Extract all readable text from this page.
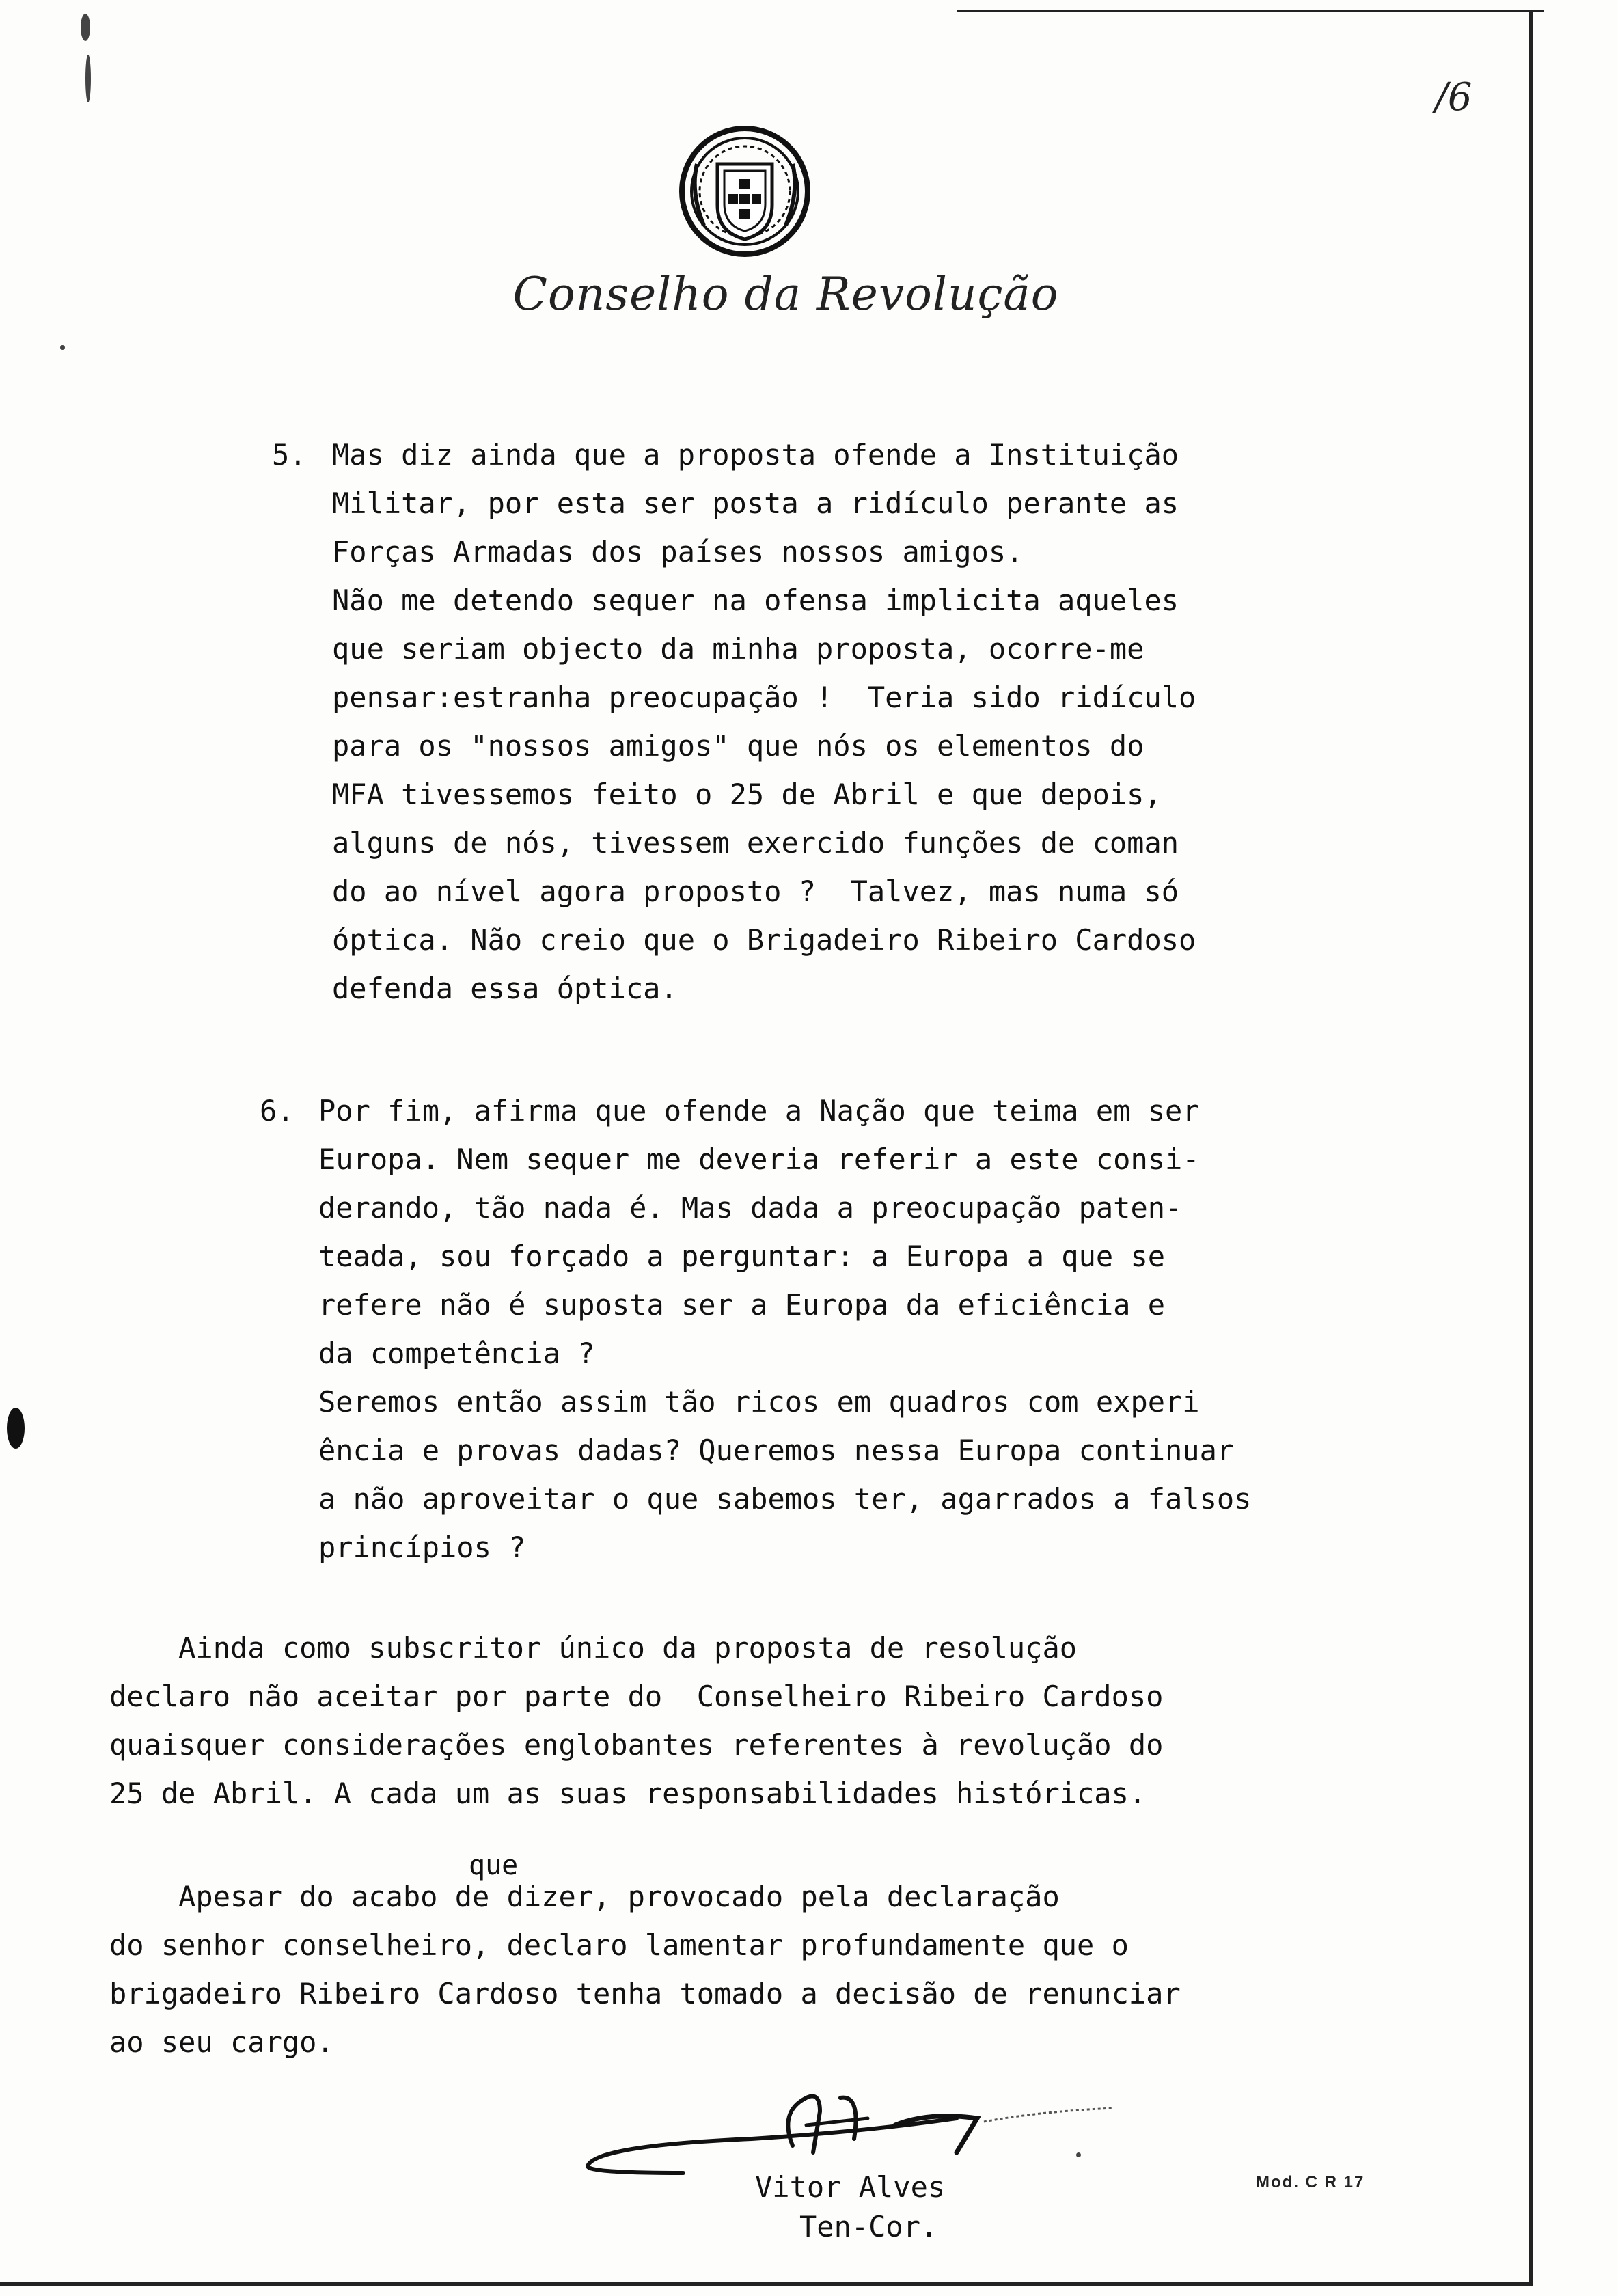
/6
Conselho da Revolução
5. Mas diz ainda que a proposta ofende a Instituição
Militar, por esta ser posta a ridículo perante as
Forças Armadas dos países nossos amigos.
Não me detendo sequer na ofensa implicita aqueles
que seriam objecto da minha proposta, ocorre-me
pensar:estranha preocupação !  Teria sido ridículo
para os "nossos amigos" que nós os elementos do
MFA tivessemos feito o 25 de Abril e que depois,
alguns de nós, tivessem exercido funções de coman
do ao nível agora proposto ?  Talvez, mas numa só
óptica. Não creio que o Brigadeiro Ribeiro Cardoso
defenda essa óptica.
6. Por fim, afirma que ofende a Nação que teima em ser
Europa. Nem sequer me deveria referir a este consi-
derando, tão nada é. Mas dada a preocupação paten-
teada, sou forçado a perguntar: a Europa a que se
refere não é suposta ser a Europa da eficiência e
da competência ?
Seremos então assim tão ricos em quadros com experi
ência e provas dadas? Queremos nessa Europa continuar
a não aproveitar o que sabemos ter, agarrados a falsos
princípios ?
Ainda como subscritor único da proposta de resolução
declaro não aceitar por parte do  Conselheiro Ribeiro Cardoso
quaisquer considerações englobantes referentes à revolução do
25 de Abril. A cada um as suas responsabilidades históricas.
que
Apesar do acabo de dizer, provocado pela declaração
do senhor conselheiro, declaro lamentar profundamente que o
brigadeiro Ribeiro Cardoso tenha tomado a decisão de renunciar
ao seu cargo.
Vitor Alves
Ten-Cor.
Mod. C R 17
